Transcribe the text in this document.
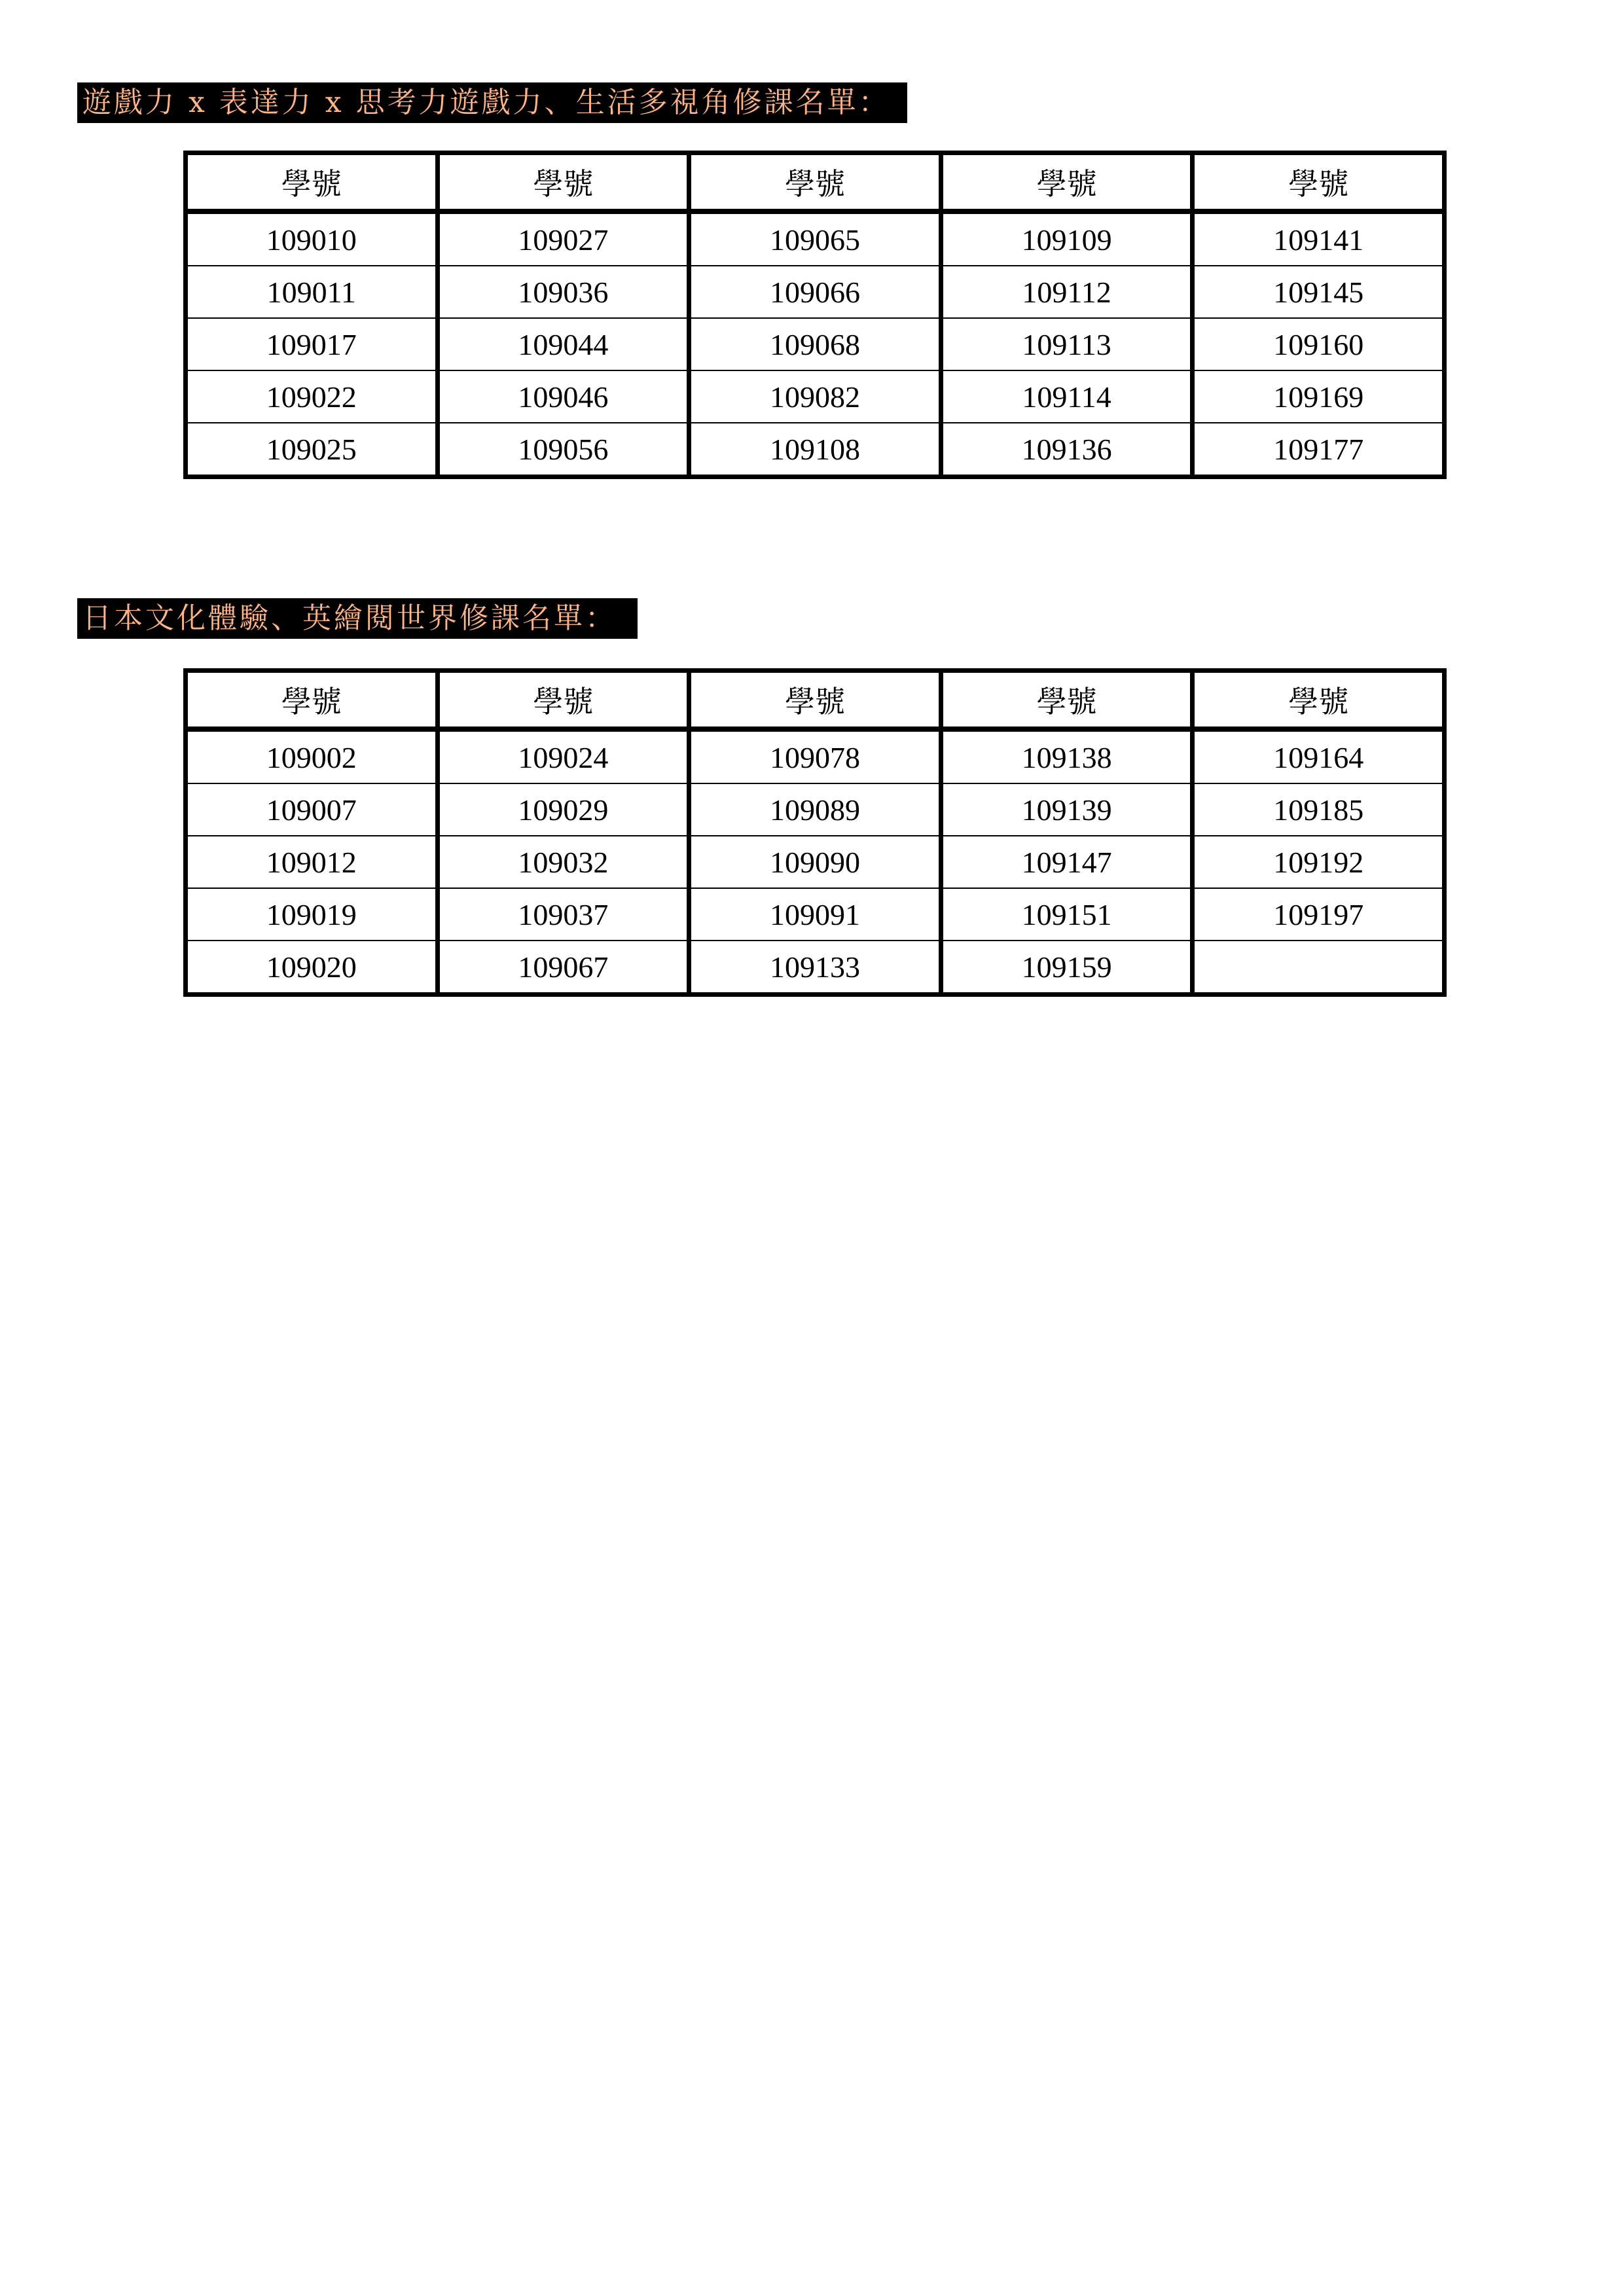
遊戲力 x 表達力 x 思考力遊戲力、生活多視角修課名單：
學號	學號	學號	學號	學號
109010	109027	109065	109109	109141
109011	109036	109066	109112	109145
109017	109044	109068	109113	109160
109022	109046	109082	109114	109169
109025	109056	109108	109136	109177
日本文化體驗、英繪閱世界修課名單：
學號	學號	學號	學號	學號
109002	109024	109078	109138	109164
109007	109029	109089	109139	109185
109012	109032	109090	109147	109192
109019	109037	109091	109151	109197
109020	109067	109133	109159	
